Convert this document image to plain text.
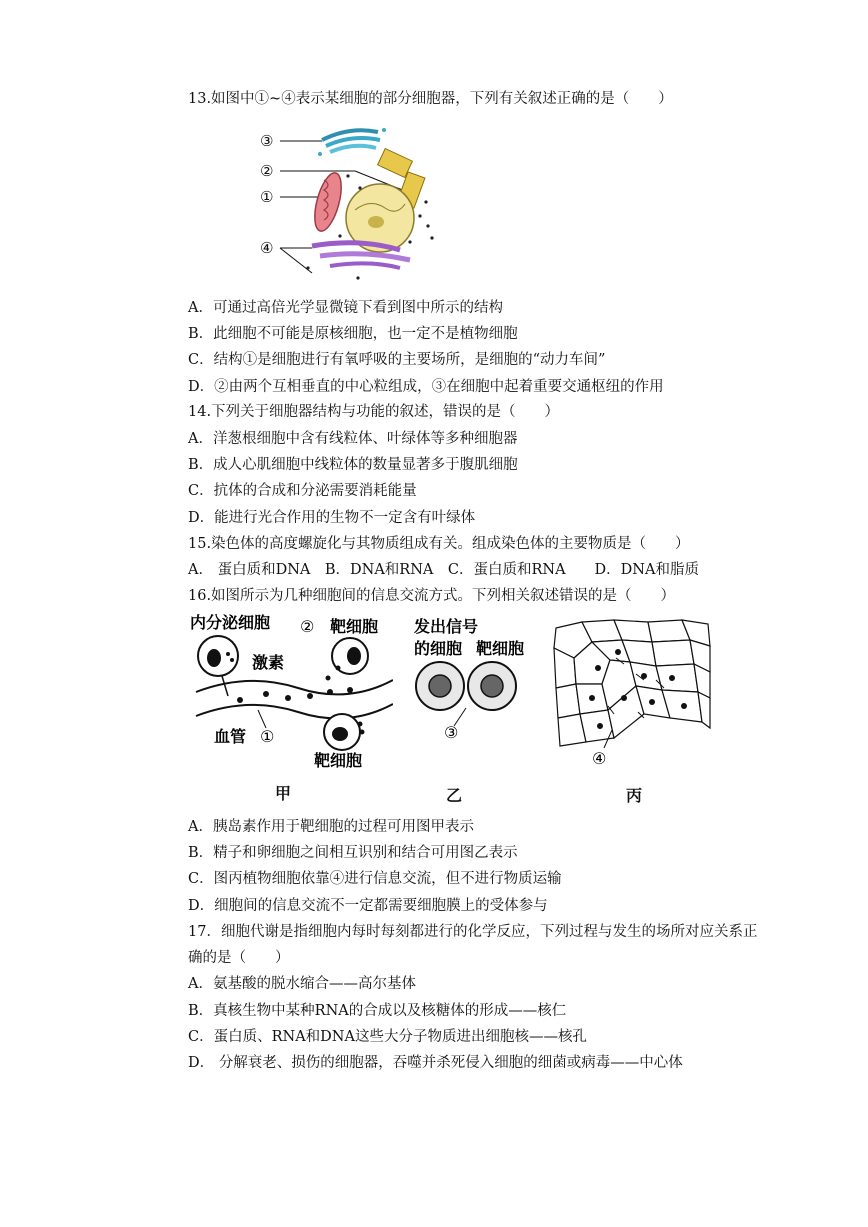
13.如图中①~④表示某细胞的部分细胞器，下列有关叙述正确的是（　　）
③
②
①
④
A．可通过高倍光学显微镜下看到图中所示的结构
B．此细胞不可能是原核细胞，也一定不是植物细胞
C．结构①是细胞进行有氧呼吸的主要场所，是细胞的“动力车间”
D．②由两个互相垂直的中心粒组成，③在细胞中起着重要交通枢纽的作用
14.下列关于细胞器结构与功能的叙述，错误的是（　　）
A．洋葱根细胞中含有线粒体、叶绿体等多种细胞器
B．成人心肌细胞中线粒体的数量显著多于腹肌细胞
C．抗体的合成和分泌需要消耗能量
D．能进行光合作用的生物不一定含有叶绿体
15.染色体的高度螺旋化与其物质组成有关。组成染色体的主要物质是（　　）
A． 蛋白质和DNA　B．DNA和RNA　C．蛋白质和RNA　　D．DNA和脂质
16.如图所示为几种细胞间的信息交流方式。下列相关叙述错误的是（　　）
内分泌细胞 ② 靶细胞
激素
血管 ①
靶细胞
发出信号
的细胞 靶细胞
③
④
甲	乙	丙
A．胰岛素作用于靶细胞的过程可用图甲表示
B．精子和卵细胞之间相互识别和结合可用图乙表示
C．图丙植物细胞依靠④进行信息交流，但不进行物质运输
D．细胞间的信息交流不一定都需要细胞膜上的受体参与
17．细胞代谢是指细胞内每时每刻都进行的化学反应，下列过程与发生的场所对应关系正
确的是（　　）
A．氨基酸的脱水缩合——高尔基体
B．真核生物中某种RNA的合成以及核糖体的形成——核仁
C．蛋白质、RNA和DNA这些大分子物质进出细胞核——核孔
D． 分解衰老、损伤的细胞器，吞噬并杀死侵入细胞的细菌或病毒——中心体
